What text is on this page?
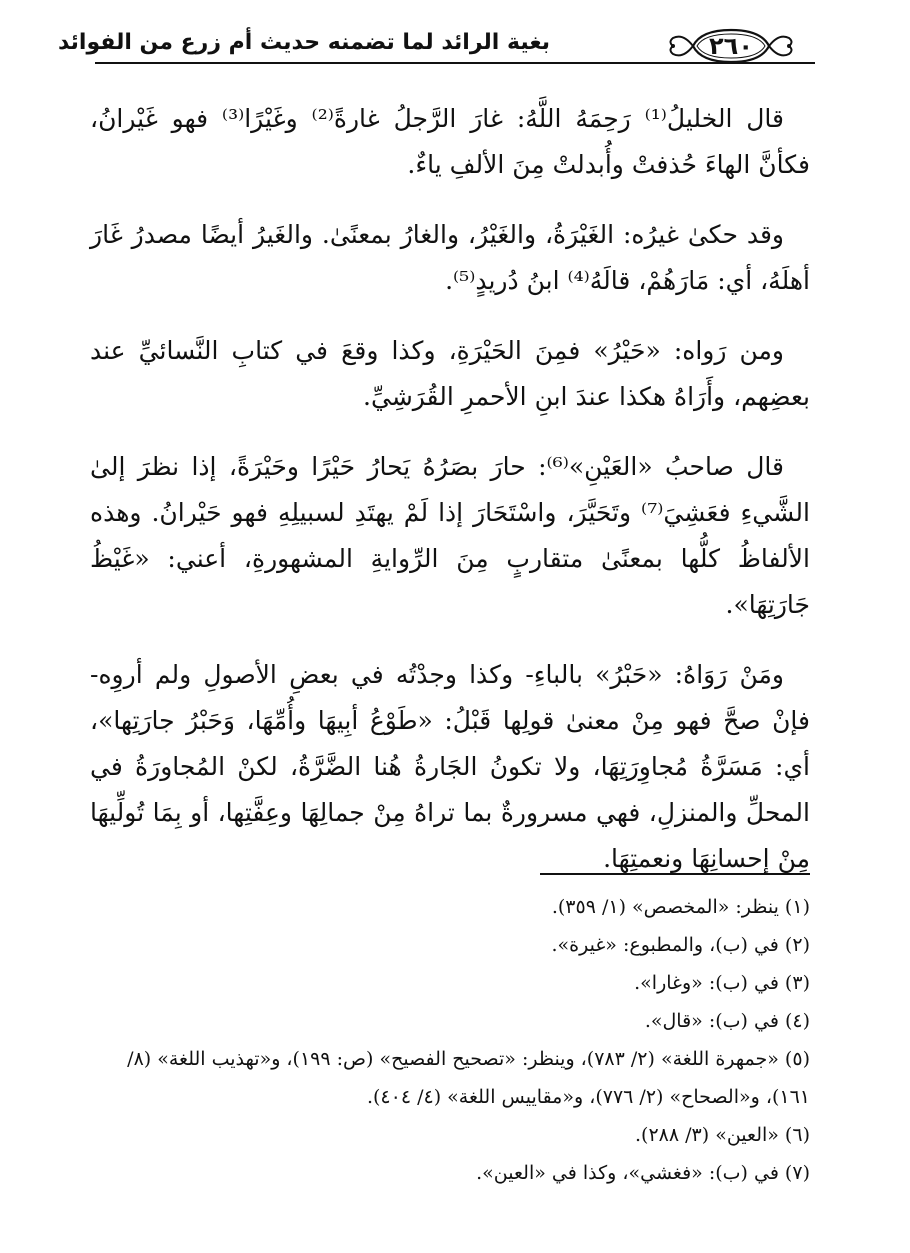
بغية الرائد لما تضمنه حديث أم زرع من الفوائد	٢٦٠

قال الخليلُ⁽¹⁾ رَحِمَهُ اللَّهُ: غارَ الرَّجلُ غارةً⁽²⁾ وغَيْرًا⁽³⁾ فهو غَيْرانُ، فكأنَّ الهاءَ حُذفتْ وأُبدلتْ مِنَ الألفِ ياءٌ.

وقد حكىٰ غيرُه: الغَيْرَةُ، والغَيْرُ، والغارُ بمعنًىٰ. والغَيرُ أيضًا مصدرُ غَارَ أهلَهُ، أي: مَارَهُمْ، قالَهُ⁽⁴⁾ ابنُ دُريدٍ⁽⁵⁾.

ومن رَواه: «حَيْرُ» فمِنَ الحَيْرَةِ، وكذا وقعَ في كتابِ النَّسائيِّ عند بعضِهم، وأَرَاهُ هكذا عندَ ابنِ الأحمرِ القُرَشِيِّ.

قال صاحبُ «العَيْنِ»⁽⁶⁾: حارَ بصَرُهُ يَحارُ حَيْرًا وحَيْرَةً، إذا نظرَ إلىٰ الشَّيءِ فعَشِيَ⁽⁷⁾ وتَحَيَّرَ، واسْتَحَارَ إذا لَمْ يهتَدِ لسبيلِهِ فهو حَيْرانُ. وهذه الألفاظُ كلُّها بمعنًىٰ متقاربٍ مِنَ الرِّوايةِ المشهورةِ، أعني: «غَيْظُ جَارَتِهَا».

ومَنْ رَوَاهُ: «حَبْرُ» بالباءِ- وكذا وجدْتُه في بعضِ الأصولِ ولم أروِه- فإنْ صحَّ فهو مِنْ معنىٰ قولِها قَبْلُ: «طَوْعُ أبِيهَا وأُمِّهَا، وَحَبْرُ جارَتِها»، أي: مَسَرَّةُ مُجاوِرَتِهَا، ولا تكونُ الجَارةُ هُنا الضَّرَّةُ، لكنْ المُجاورَةُ في المحلِّ والمنزلِ، فهي مسرورةٌ بما تراهُ مِنْ جمالِهَا وعِفَّتِها، أو بِمَا تُولِّيهَا مِنْ إحسانِهَا ونعمتِهَا.

(١) ينظر: «المخصص» (١/ ٣٥٩).

(٢) في (ب)، والمطبوع: «غيرة».

(٣) في (ب): «وغارا».

(٤) في (ب): «قال».

(٥) «جمهرة اللغة» (٢/ ٧٨٣)، وينظر: «تصحيح الفصيح» (ص: ١٩٩)، و«تهذيب اللغة» (٨/ ١٦١)، و«الصحاح» (٢/ ٧٧٦)، و«مقاييس اللغة» (٤/ ٤٠٤).

(٦) «العين» (٣/ ٢٨٨).

(٧) في (ب): «فغشي»، وكذا في «العين».
